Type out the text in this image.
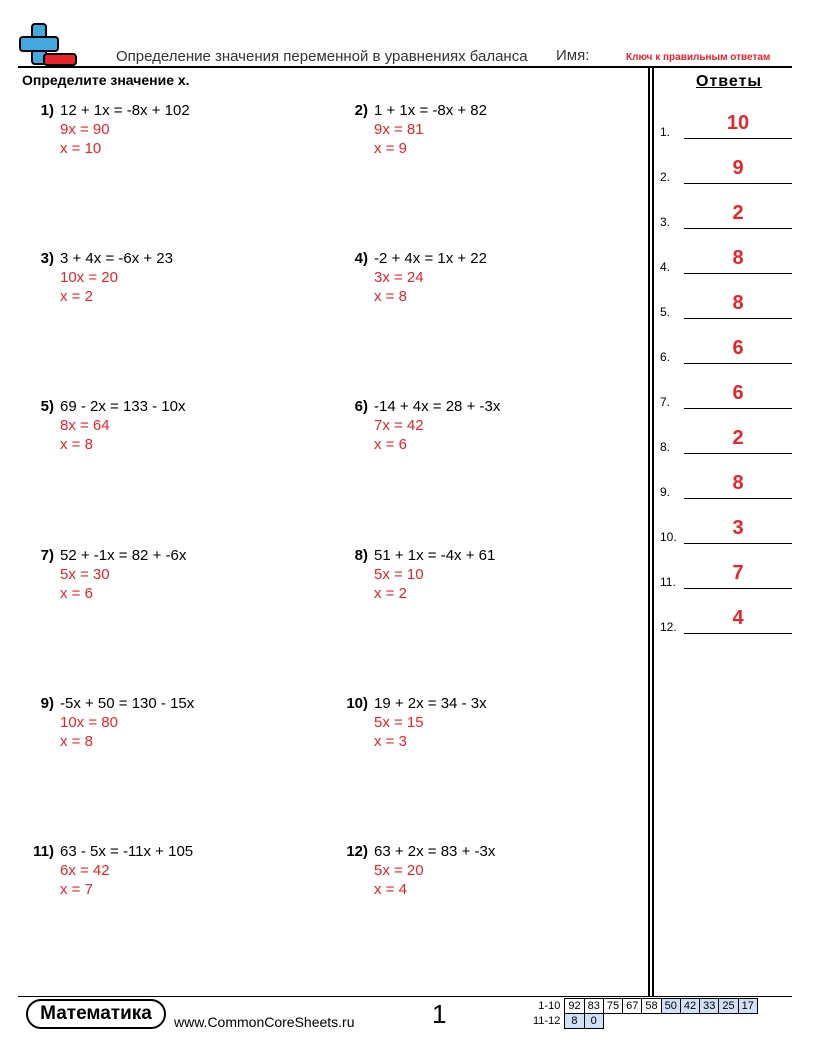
Определение значения переменной в уравнениях баланса Имя:	Ключ к правильным ответам
Определите значение x.	Ответы
1) 12 + 1x = -8x + 102
9x = 90
x = 10
2) 1 + 1x = -8x + 82
9x = 81
x = 9
3) 3 + 4x = -6x + 23
10x = 20
x = 2
4) -2 + 4x = 1x + 22
3x = 24
x = 8
5) 69 - 2x = 133 - 10x
8x = 64
x = 8
6) -14 + 4x = 28 + -3x
7x = 42
x = 6
7) 52 + -1x = 82 + -6x
5x = 30
x = 6
8) 51 + 1x = -4x + 61
5x = 10
x = 2
9) -5x + 50 = 130 - 15x
10x = 80
x = 8
10) 19 + 2x = 34 - 3x
5x = 15
x = 3
11) 63 - 5x = -11x + 105
6x = 42
x = 7
12) 63 + 2x = 83 + -3x
5x = 20
x = 4
1.	10
2.	9
3.	2
4.	8
5.	8
6.	6
7.	6
8.	2
9.	8
10.	3
11.	7
12.	4
Математика	www.CommonCoreSheets.ru	1	1-10	92	83	75	67	58	50	42	33	25	17
11-12	8	0								
